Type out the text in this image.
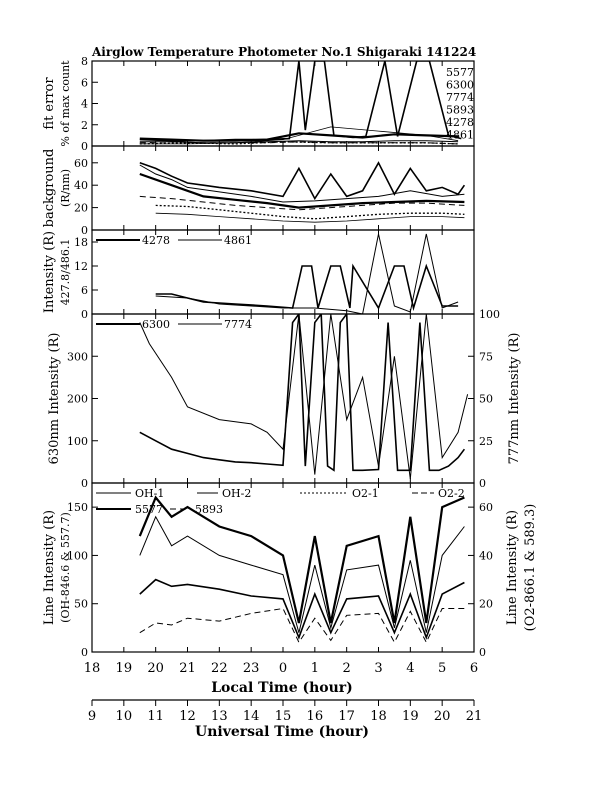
Airglow Temperature Photometer No.1 Shigaraki 141224
0
2
4
6
8
fit error % of max count	5577
6300
7774
5893
4278
4861
0
20
40
60
background (R/nm)
0
6
12
18
Intensity (R) 427.8/486.1	4278	4861
0
100
200
300
0
25
50
75
100
630nm Intensity (R)	777nm Intensity (R)
6300	7774
0
50
100
150
0
20
40
60
Line Intensity (R) (OH-846.6 & 557.7)	Line Intensity (R) (O2-866.1 & 589.3)
OH-1	OH-2	O2-1	O2-2
5577	5893
Local Time (hour)
9 10 11 12 13 14 15 16 17 18 19 20 21
Universal Time (hour)
18 19 20 21 22 23 0 1 2 3 4 5 6
